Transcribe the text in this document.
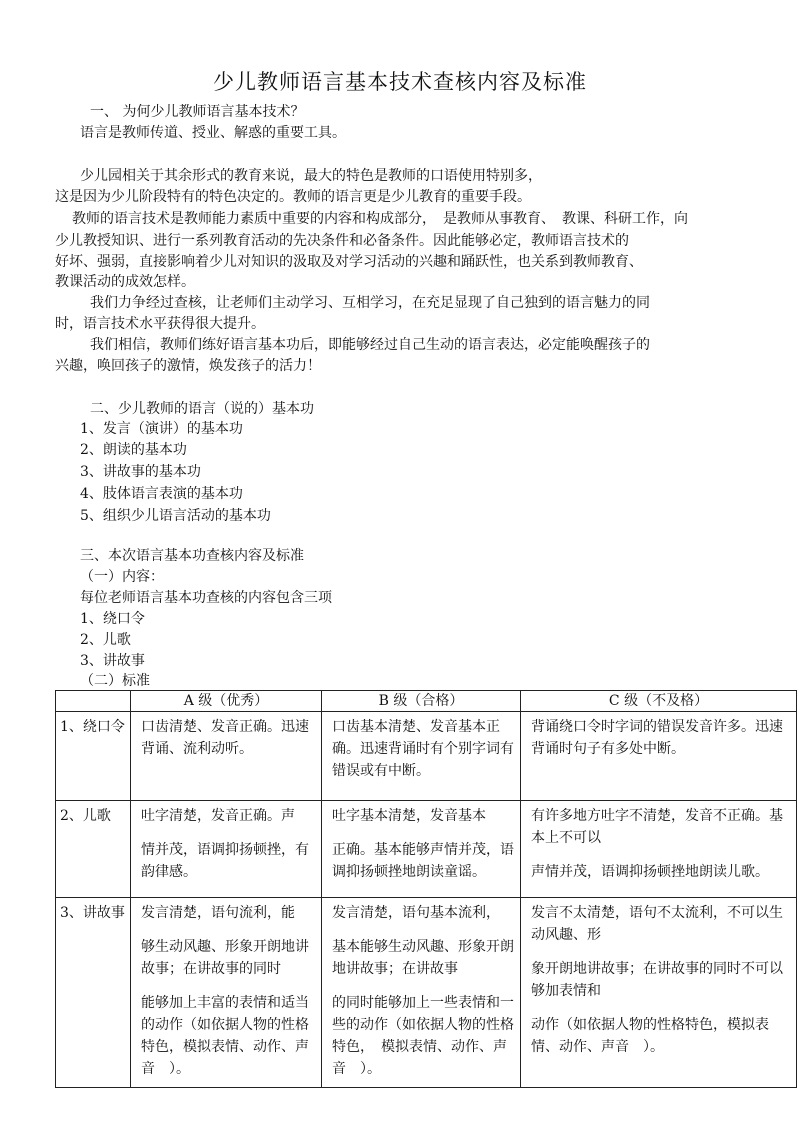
少儿教师语言基本技术查核内容及标准
一、 为何少儿教师语言基本技术？
语言是教师传道、授业、解惑的重要工具。
少儿园相关于其余形式的教育来说，最大的特色是教师的口语使用特别多，
这是因为少儿阶段特有的特色决定的。教师的语言更是少儿教育的重要手段。
教师的语言技术是教师能力素质中重要的内容和构成部分，　是教师从事教育、　教课、科研工作，向
少儿教授知识、进行一系列教育活动的先决条件和必备条件。因此能够必定，教师语言技术的
好坏、强弱，直接影响着少儿对知识的汲取及对学习活动的兴趣和踊跃性，也关系到教师教育、
教课活动的成效怎样。
我们力争经过查核，让老师们主动学习、互相学习，在充足显现了自己独到的语言魅力的同
时，语言技术水平获得很大提升。
我们相信，教师们练好语言基本功后，即能够经过自己生动的语言表达，必定能唤醒孩子的
兴趣，唤回孩子的激情，焕发孩子的活力！
二、少儿教师的语言（说的）基本功
1、发言（演讲）的基本功
2、朗读的基本功
3、讲故事的基本功
4、肢体语言表演的基本功
5、组织少儿语言活动的基本功
三、本次语言基本功查核内容及标准
（一）内容：
每位老师语言基本功查核的内容包含三项
1、绕口令
2、儿歌
3、讲故事
（二）标准
	A 级（优秀）	B 级（合格）	C 级（不及格）
1、绕口令	口齿清楚、发音正确。迅速背诵、流利动听。	口齿基本清楚、发音基本正确。迅速背诵时有个别字词有错误或有中断。	背诵绕口令时字词的错误发音许多。迅速背诵时句子有多处中断。

2、儿歌	吐字清楚，发音正确。声
情并茂，语调抑扬顿挫，有韵律感。	吐字基本清楚，发音基本
正确。基本能够声情并茂，语调抑扬顿挫地朗读童谣。	有许多地方吐字不清楚，发音不正确。基本上不可以
声情并茂，语调抑扬顿挫地朗读儿歌。

3、讲故事	发言清楚，语句流利，能
够生动风趣、形象开朗地讲故事；在讲故事的同时
能够加上丰富的表情和适当的动作（如依据人物的性格特色，模拟表情、动作、声音　）。	发言清楚，语句基本流利，
基本能够生动风趣、形象开朗地讲故事；在讲故事
的同时能够加上一些表情和一些的动作（如依据人物的性格特色，　模拟表情、动作、声音　）。	发言不太清楚，语句不太流利，不可以生动风趣、形
象开朗地讲故事；在讲故事的同时不可以够加表情和
动作（如依据人物的性格特色，模拟表情、动作、声音　）。
